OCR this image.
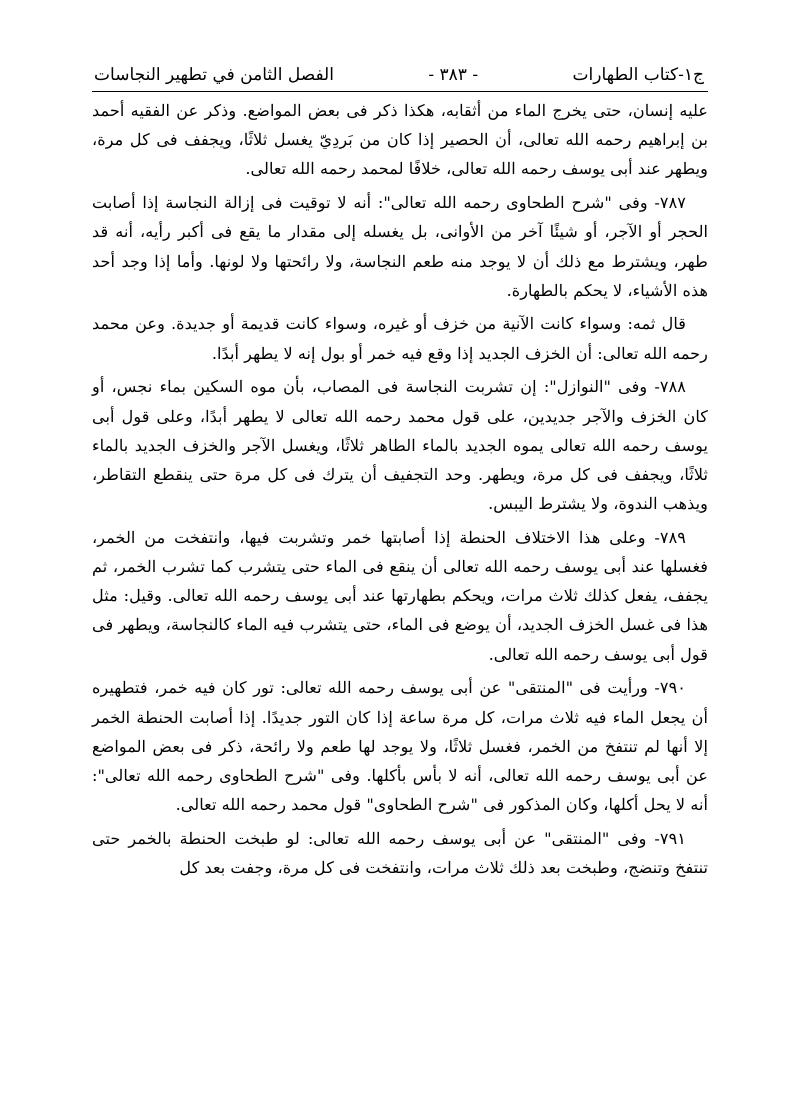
ج١-كتاب الطهارات
- ٣٨٣ -
الفصل الثامن في تطهير النجاسات

عليه إنسان، حتى يخرج الماء من أثقابه، هكذا ذكر فى بعض المواضع. وذكر عن الفقيه أحمد بن إبراهيم رحمه الله تعالى، أن الحصير إذا كان من بَردِيّ يغسل ثلاثًا، ويجفف فى كل مرة، ويطهر عند أبى يوسف رحمه الله تعالى، خلافًا لمحمد رحمه الله تعالى.

٧٨٧- وفى "شرح الطحاوى رحمه الله تعالى": أنه لا توقيت فى إزالة النجاسة إذا أصابت الحجر أو الآجر، أو شيئًا آخر من الأوانى، بل يغسله إلى مقدار ما يقع فى أكبر رأيه، أنه قد طهر، ويشترط مع ذلك أن لا يوجد منه طعم النجاسة، ولا رائحتها ولا لونها. وأما إذا وجد أحد هذه الأشياء، لا يحكم بالطهارة.

قال ثمه: وسواء كانت الآنية من خزف أو غيره، وسواء كانت قديمة أو جديدة. وعن محمد رحمه الله تعالى: أن الخزف الجديد إذا وقع فيه خمر أو بول إنه لا يطهر أبدًا.

٧٨٨- وفى "النوازل": إن تشربت النجاسة فى المصاب، بأن موه السكين بماء نجس، أو كان الخزف والآجر جديدين، على قول محمد رحمه الله تعالى لا يطهر أبدًا، وعلى قول أبى يوسف رحمه الله تعالى يموه الجديد بالماء الطاهر ثلاثًا، ويغسل الآجر والخزف الجديد بالماء ثلاثًا، ويجفف فى كل مرة، ويطهر. وحد التجفيف أن يترك فى كل مرة حتى ينقطع التقاطر، ويذهب الندوة، ولا يشترط اليبس.

٧٨٩- وعلى هذا الاختلاف الحنطة إذا أصابتها خمر وتشربت فيها، وانتفخت من الخمر، فغسلها عند أبى يوسف رحمه الله تعالى أن ينقع فى الماء حتى يتشرب كما تشرب الخمر، ثم يجفف، يفعل كذلك ثلاث مرات، ويحكم بطهارتها عند أبى يوسف رحمه الله تعالى. وقيل: مثل هذا فى غسل الخزف الجديد، أن يوضع فى الماء، حتى يتشرب فيه الماء كالنجاسة، ويطهر فى قول أبى يوسف رحمه الله تعالى.

٧٩٠- ورأيت فى "المنتقى" عن أبى يوسف رحمه الله تعالى: تور كان فيه خمر، فتطهيره أن يجعل الماء فيه ثلاث مرات، كل مرة ساعة إذا كان التور جديدًا. إذا أصابت الحنطة الخمر إلا أنها لم تنتفخ من الخمر، فغسل ثلاثًا، ولا يوجد لها طعم ولا رائحة، ذكر فى بعض المواضع عن أبى يوسف رحمه الله تعالى، أنه لا بأس بأكلها. وفى "شرح الطحاوى رحمه الله تعالى": أنه لا يحل أكلها، وكان المذكور فى "شرح الطحاوى" قول محمد رحمه الله تعالى.

٧٩١- وفى "المنتقى" عن أبى يوسف رحمه الله تعالى: لو طبخت الحنطة بالخمر حتى تنتفخ وتنضج، وطبخت بعد ذلك ثلاث مرات، وانتفخت فى كل مرة، وجفت بعد كل
